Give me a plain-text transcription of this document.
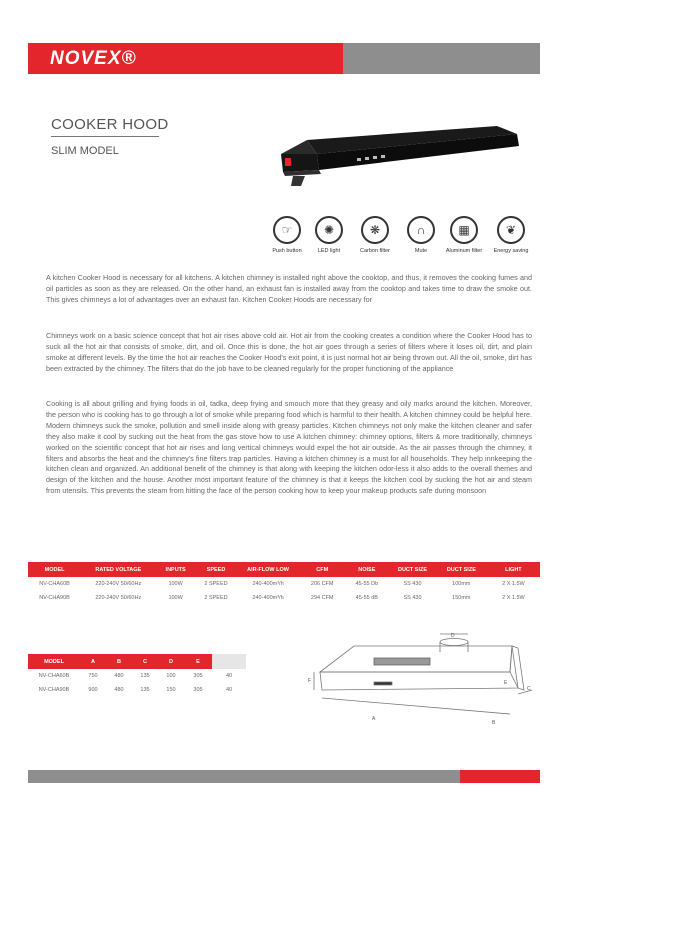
NOVEX®
COOKER HOOD
SLIM MODEL
☞
Push button
✺
LED light
❋
Carbon filter
∩
Mute
▦
Aluminum filter
❦
Energy saving
A kitchen Cooker Hood is necessary for all kitchens. A kitchen chimney is installed right above the cooktop, and thus, it removes the cooking fumes and oil particles as soon as they are released. On the other hand, an exhaust fan is installed away from the cooktop and takes time to draw the smoke out. This gives chimneys a lot of advantages over an exhaust fan. Kitchen Cooker Hoods are necessary for
Chimneys work on a basic science concept that hot air rises above cold air. Hot air from the cooking creates a condition where the Cooker Hood has to suck all the hot air that consists of smoke, dirt, and oil. Once this is done, the hot air goes through a series of filters where it loses oil, dirt, and plain smoke at different levels. By the time the hot air reaches the Cooker Hood's exit point, it is just normal hot air being thrown out. All the oil, smoke, dirt has been extracted by the chimney. The filters that do the job have to be cleaned regularly for the proper functioning of the appliance
Cooking is all about grilling and frying foods in oil, tadka, deep frying and smouch more that they greasy and oily marks around the kitchen. Moreover, the person who is cooking has to go through a lot of smoke while preparing food which is harmful to their health. A kitchen chimney could be helpful here. Modern chimneys suck the smoke, pollution and smell inside along with greasy particles. Kitchen chimneys not only make the kitchen cleaner and safer they also make it cool by sucking out the heat from the gas stove how to use A kitchen chimney: chimney options, filters & more traditionally, chimneys worked on the scientific concept that hot air rises and long vertical chimneys would expel the hot air outside. As the air passes through the chimney, it filters and absorbs the heat and the chimney's fine filters trap particles. Having a kitchen chimney is a must for all households. They help innkeeping the kitchen clean and organized. An additional benefit of the chimney is that along with keeping the kitchen odor-less it also adds to the overall themes and design of the kitchen and the house. Another most important feature of the chimney is that it keeps the kitchen cool by sucking the hot air and steam from utensils. This prevents the steam from hitting the face of the person cooking how to keep your makeup products safe during monsoon
MODEL	RATED VOLTAGE	INPUTS	SPEED	AIR-FLOW LOW	CFM	NOISE	DUCT SIZE	DUCT SIZE	LIGHT
NV-CHA60B	220-240V 50/60Hz	100W	2 SPEED	240-400m³/h	206 CFM	45-55 Db	SS 430	100mm	2 X 1.5W
NV-CHA90B	220-240V 50/60Hz	100W	2 SPEED	240-400m³/h	294 CFM	45-55 dB	SS 430	150mm	2 X 1.5W
MODEL	A	B	C	D	E	
NV-CHA60B	750	480	135	100	305	40
NV-CHA90B	900	480	135	150	305	40
D
F	E
C
A
B
